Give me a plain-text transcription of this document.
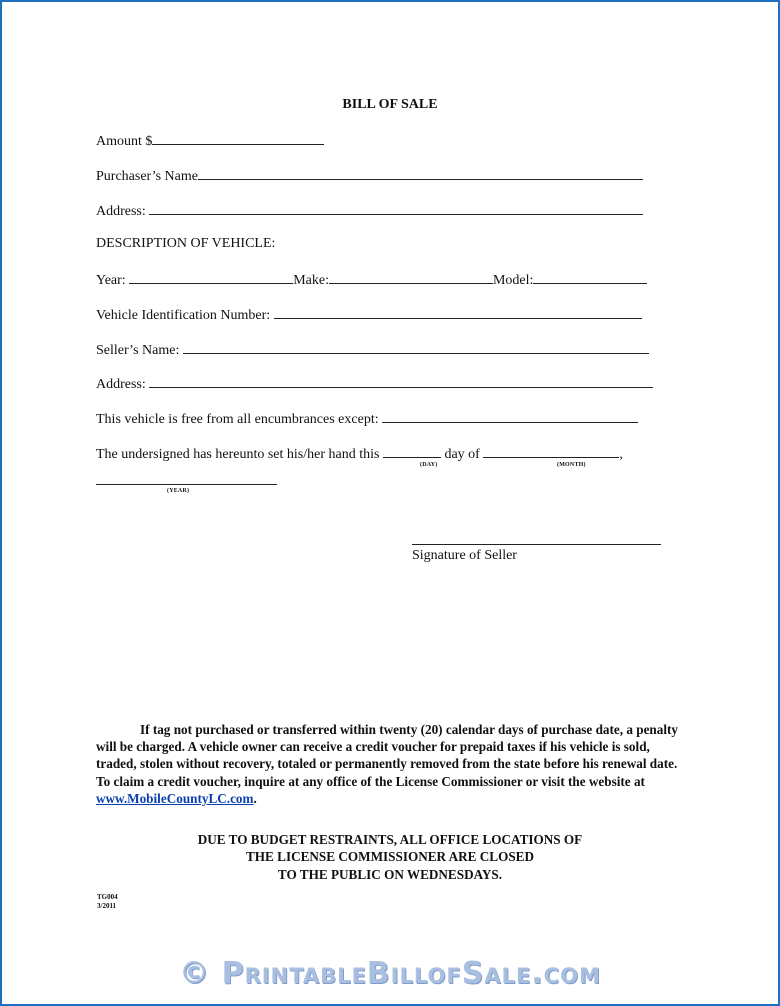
BILL OF SALE
Amount $
Purchaser’s Name
Address:
DESCRIPTION OF VEHICLE:
Year:	Make:	Model:
Vehicle Identification Number:
Seller’s Name:
Address:
This vehicle is free from all encumbrances except:
The undersigned has hereunto set his/her hand this	day of	,
(DAY)	(MONTH)
(YEAR)
Signature of Seller
If tag not purchased or transferred within twenty (20) calendar days of purchase date, a penalty will be charged. A vehicle owner can receive a credit voucher for prepaid taxes if his vehicle is sold, traded, stolen without recovery, totaled or permanently removed from the state before his renewal date. To claim a credit voucher, inquire at any office of the License Commissioner or visit the website at www.MobileCountyLC.com.
DUE TO BUDGET RESTRAINTS, ALL OFFICE LOCATIONS OF
THE LICENSE COMMISSIONER ARE CLOSED
TO THE PUBLIC ON WEDNESDAYS.
TG004
3/2011
© PrintableBillofSale.com
